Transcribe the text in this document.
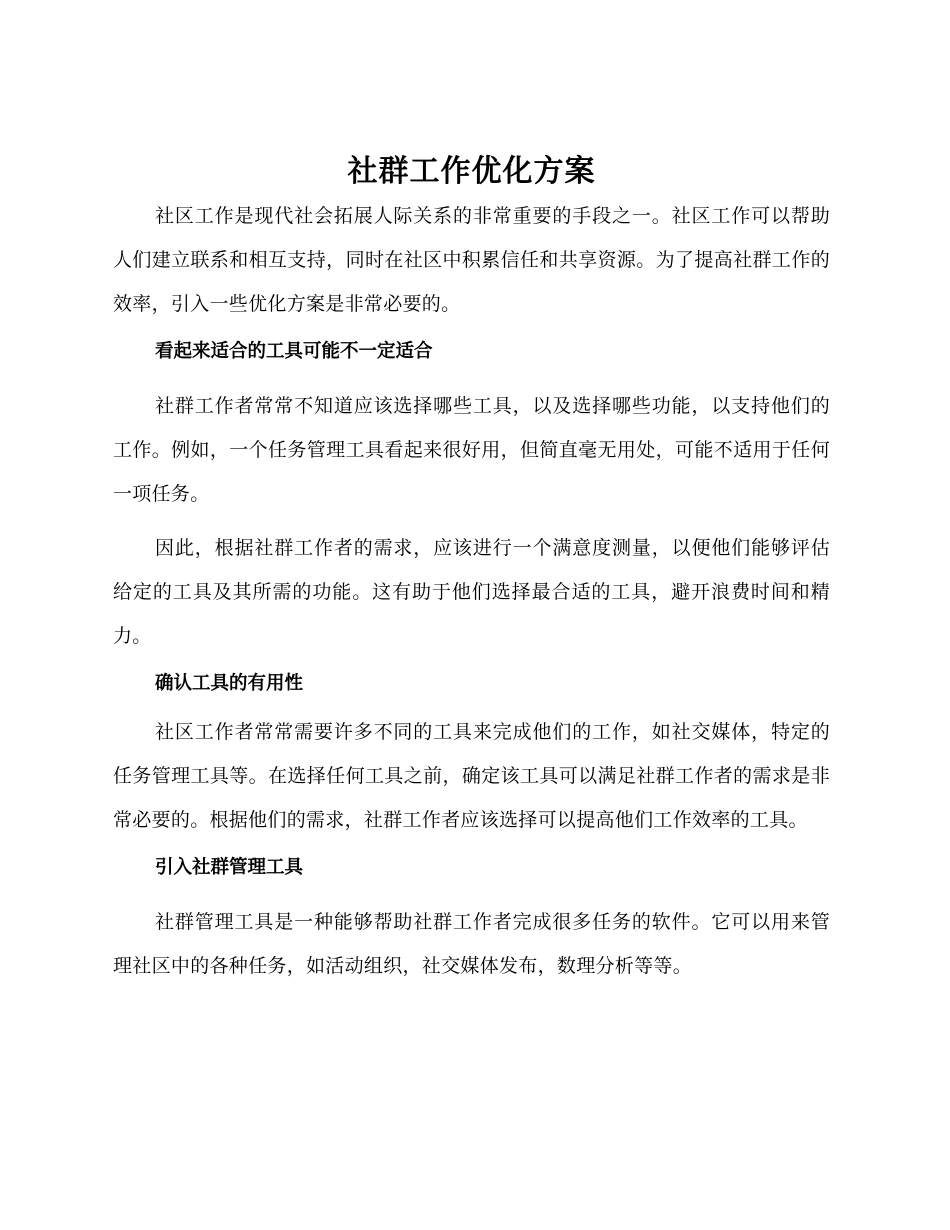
社群工作优化方案

社区工作是现代社会拓展人际关系的非常重要的手段之一。社区工作可以帮助人们建立联系和相互支持，同时在社区中积累信任和共享资源。为了提高社群工作的效率，引入一些优化方案是非常必要的。

看起来适合的工具可能不一定适合

社群工作者常常不知道应该选择哪些工具，以及选择哪些功能，以支持他们的工作。例如，一个任务管理工具看起来很好用，但简直毫无用处，可能不适用于任何一项任务。

因此，根据社群工作者的需求，应该进行一个满意度测量，以便他们能够评估给定的工具及其所需的功能。这有助于他们选择最合适的工具，避开浪费时间和精力。

确认工具的有用性

社区工作者常常需要许多不同的工具来完成他们的工作，如社交媒体，特定的任务管理工具等。在选择任何工具之前，确定该工具可以满足社群工作者的需求是非常必要的。根据他们的需求，社群工作者应该选择可以提高他们工作效率的工具。

引入社群管理工具

社群管理工具是一种能够帮助社群工作者完成很多任务的软件。它可以用来管理社区中的各种任务，如活动组织，社交媒体发布，数理分析等等。
